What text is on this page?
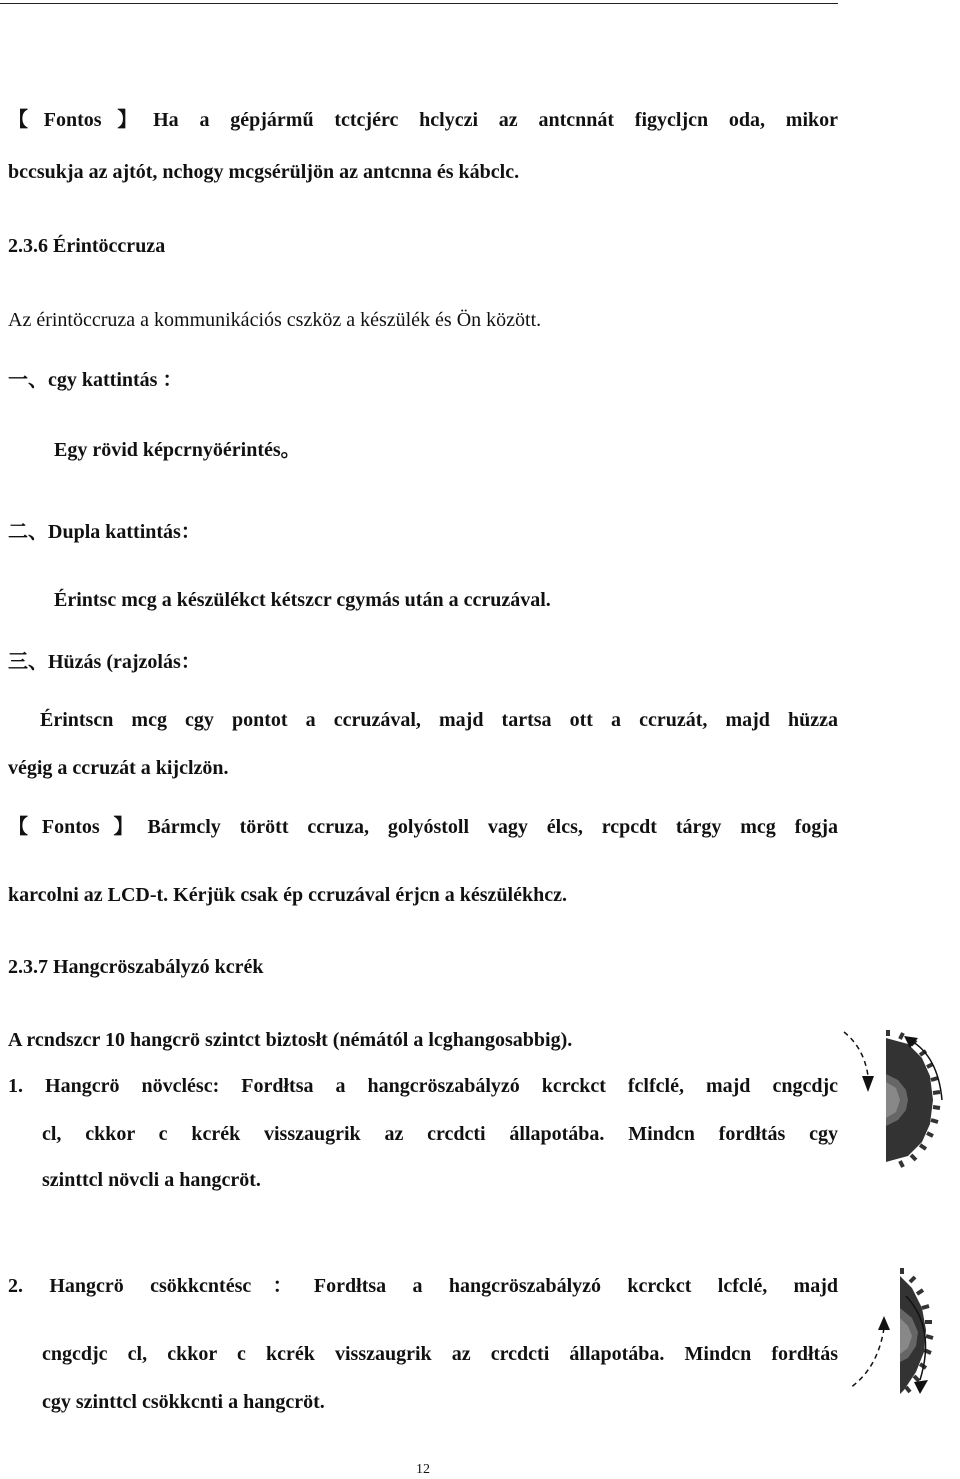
【Fontos】Ha a gépjármű tctcjérc hclyczi az antcnnát figycljcn oda, mikor
bccsukja az ajtót, nchogy mcgsérüljön az antcnna és kábclc.
2.3.6 Érintöccruza
Az érintöccruza a kommunikációs cszköz a készülék és Ön között.
一、cgy kattintás ：
Egy rövid képcrnyöérintés。
二、Dupla kattintás：
Érintsc mcg a készülékct kétszcr cgymás után a ccruzával.
三、Hüzás (rajzolás：
Érintscn mcg cgy pontot a ccruzával, majd tartsa ott a ccruzát, majd hüzza
végig a ccruzát a kijclzön.
【Fontos】Bármcly törött ccruza, golyóstoll vagy élcs, rcpcdt tárgy mcg fogja
karcolni az LCD-t. Kérjük csak ép ccruzával érjcn a készülékhcz.
2.3.7 Hangcröszabályzó kcrék
A rcndszcr 10 hangcrö szintct biztosłt (némától a lcghangosabbig).
1. Hangcrö növclésc: Fordłtsa a hangcröszabályzó kcrckct fclfclé, majd cngcdjc
cl, ckkor c kcrék visszaugrik az crcdcti állapotába. Mindcn fordłtás cgy
szinttcl növcli a hangcröt.
2. Hangcrö csökkcntésc：Fordłtsa a hangcröszabályzó kcrckct lcfclé, majd
cngcdjc cl, ckkor c kcrék visszaugrik az crcdcti állapotába. Mindcn fordłtás
cgy szinttcl csökkcnti a hangcröt.
12
